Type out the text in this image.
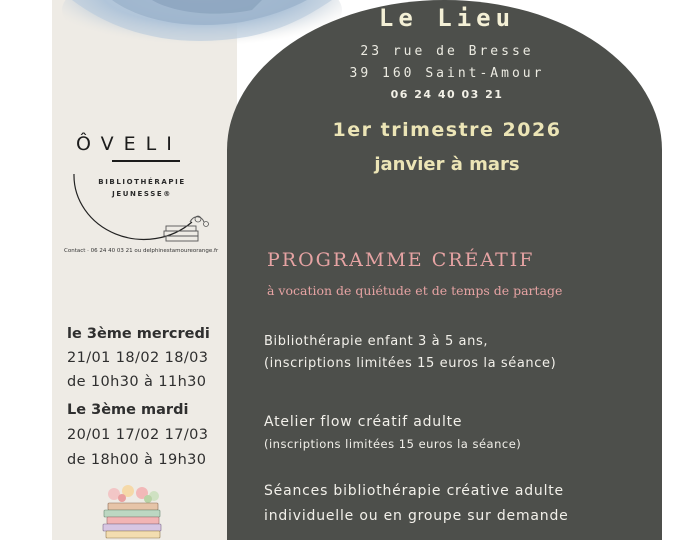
ÔVELI
BIBLIOTHÉRAPIE
JEUNESSE®
Contact · 06 24 40 03 21 ou delphinestamoureorange.fr
le 3ème mercredi
21/01 18/02 18/03
de 10h30 à 11h30
Le 3ème mardi
20/01 17/02 17/03
de 18h00 à 19h30
Le Lieu
23 rue de Bresse
39 160 Saint-Amour
06 24 40 03 21
1er trimestre 2026
janvier à mars
PROGRAMME CRÉATIF
à vocation de quiétude et de temps de partage
Bibliothérapie enfant 3 à 5 ans,
(inscriptions limitées 15 euros la séance)
Atelier flow créatif adulte
(inscriptions limitées 15 euros la séance)
Séances bibliothérapie créative adulte
individuelle ou en groupe sur demande
